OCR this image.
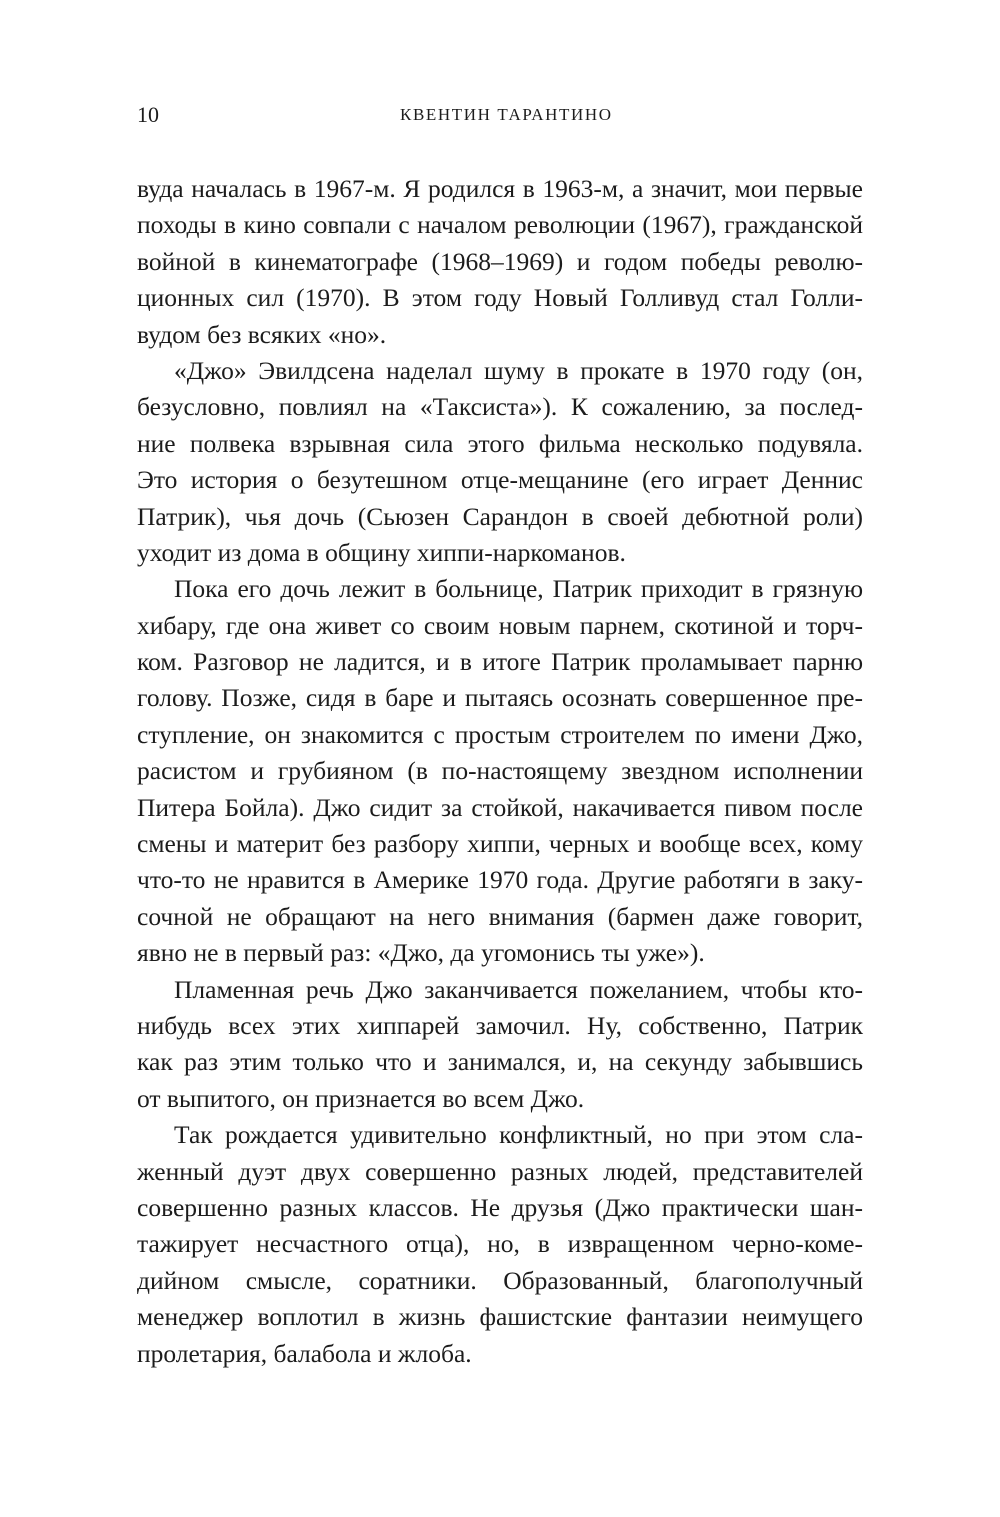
10	КВЕНТИН ТАРАНТИНО
вуда началась в 1967-м. Я родился в 1963-м, а значит, мои первые
походы в кино совпали с началом революции (1967), гражданской
войной в кинематографе (1968–1969) и годом победы револю-
ционных сил (1970). В этом году Новый Голливуд стал Голли-
вудом без всяких «но».
«Джо» Эвилдсена наделал шуму в прокате в 1970 году (он,
безусловно, повлиял на «Таксиста»). К сожалению, за послед-
ние полвека взрывная сила этого фильма несколько подувяла.
Это история о безутешном отце-мещанине (его играет Деннис
Патрик), чья дочь (Сьюзен Сарандон в своей дебютной роли)
уходит из дома в общину хиппи-наркоманов.
Пока его дочь лежит в больнице, Патрик приходит в грязную
хибару, где она живет со своим новым парнем, скотиной и торч-
ком. Разговор не ладится, и в итоге Патрик проламывает парню
голову. Позже, сидя в баре и пытаясь осознать совершенное пре-
ступление, он знакомится с простым строителем по имени Джо,
расистом и грубияном (в по-настоящему звездном исполнении
Питера Бойла). Джо сидит за стойкой, накачивается пивом после
смены и материт без разбору хиппи, черных и вообще всех, кому
что-то не нравится в Америке 1970 года. Другие работяги в заку-
сочной не обращают на него внимания (бармен даже говорит,
явно не в первый раз: «Джо, да угомонись ты уже»).
Пламенная речь Джо заканчивается пожеланием, чтобы кто-
нибудь всех этих хиппарей замочил. Ну, собственно, Патрик
как раз этим только что и занимался, и, на секунду забывшись
от выпитого, он признается во всем Джо.
Так рождается удивительно конфликтный, но при этом сла-
женный дуэт двух совершенно разных людей, представителей
совершенно разных классов. Не друзья (Джо практически шан-
тажирует несчастного отца), но, в извращенном черно-коме-
дийном смысле, соратники. Образованный, благополучный
менеджер воплотил в жизнь фашистские фантазии неимущего
пролетария, балабола и жлоба.
